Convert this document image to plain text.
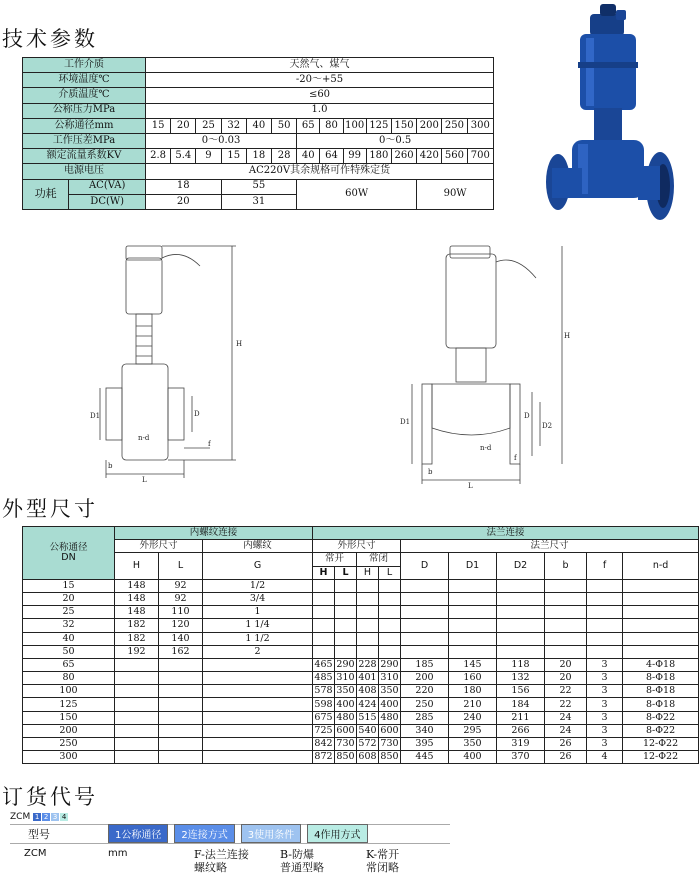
技术参数
工作介质		天然气、煤气													
环境温度℃		-20～+55													
介质温度℃		≤60													
公称压力MPa		1.0													
公称通径mm		15	20	25	32	40	50	65	80	100	125	150	200	250	300
工作压差MPa		0～0.03						0～0.5							
额定流量系数KV		2.8	5.4	9	15	18	28	40	64	99	180	260	420	560	700
电源电压		AC220V其余规格可作特殊定货													
功耗	AC(VA)	18			55			60W					90W		
	DC(W)	20			31										
H
D1	D
n-d
f
b
L
H
D1
D
D2
n-d
f
b
L
外型尺寸
公称通径
DN	内螺纹连接			法兰连接									
	外形尺寸		内螺纹	外形尺寸				法兰尺寸					
	H	L	G	常开		常闭		D	D1	D2	b	f	n-d
				H	L	H	L						
15	148	92	1/2										
20	148	92	3/4										
25	148	110	1										
32	182	120	1 1/4										
40	182	140	1 1/2										
50	192	162	2										
65				465	290	228	290	185	145	118	20	3	4-Φ18
80				485	310	401	310	200	160	132	20	3	8-Φ18
100				578	350	408	350	220	180	156	22	3	8-Φ18
125				598	400	424	400	250	210	184	22	3	8-Φ18
150				675	480	515	480	285	240	211	24	3	8-Φ22
200				725	600	540	600	340	295	266	24	3	8-Φ22
250				842	730	572	730	395	350	319	26	3	12-Φ22
300				872	850	608	850	445	400	370	26	4	12-Φ22
订货代号
ZCM 1 2 3 4
型号	1公称通径 2连接方式 3使用条件 4作用方式
ZCM	mm	F-法兰连接
螺纹略
B-防爆
普通型略
K-常开
常闭略
